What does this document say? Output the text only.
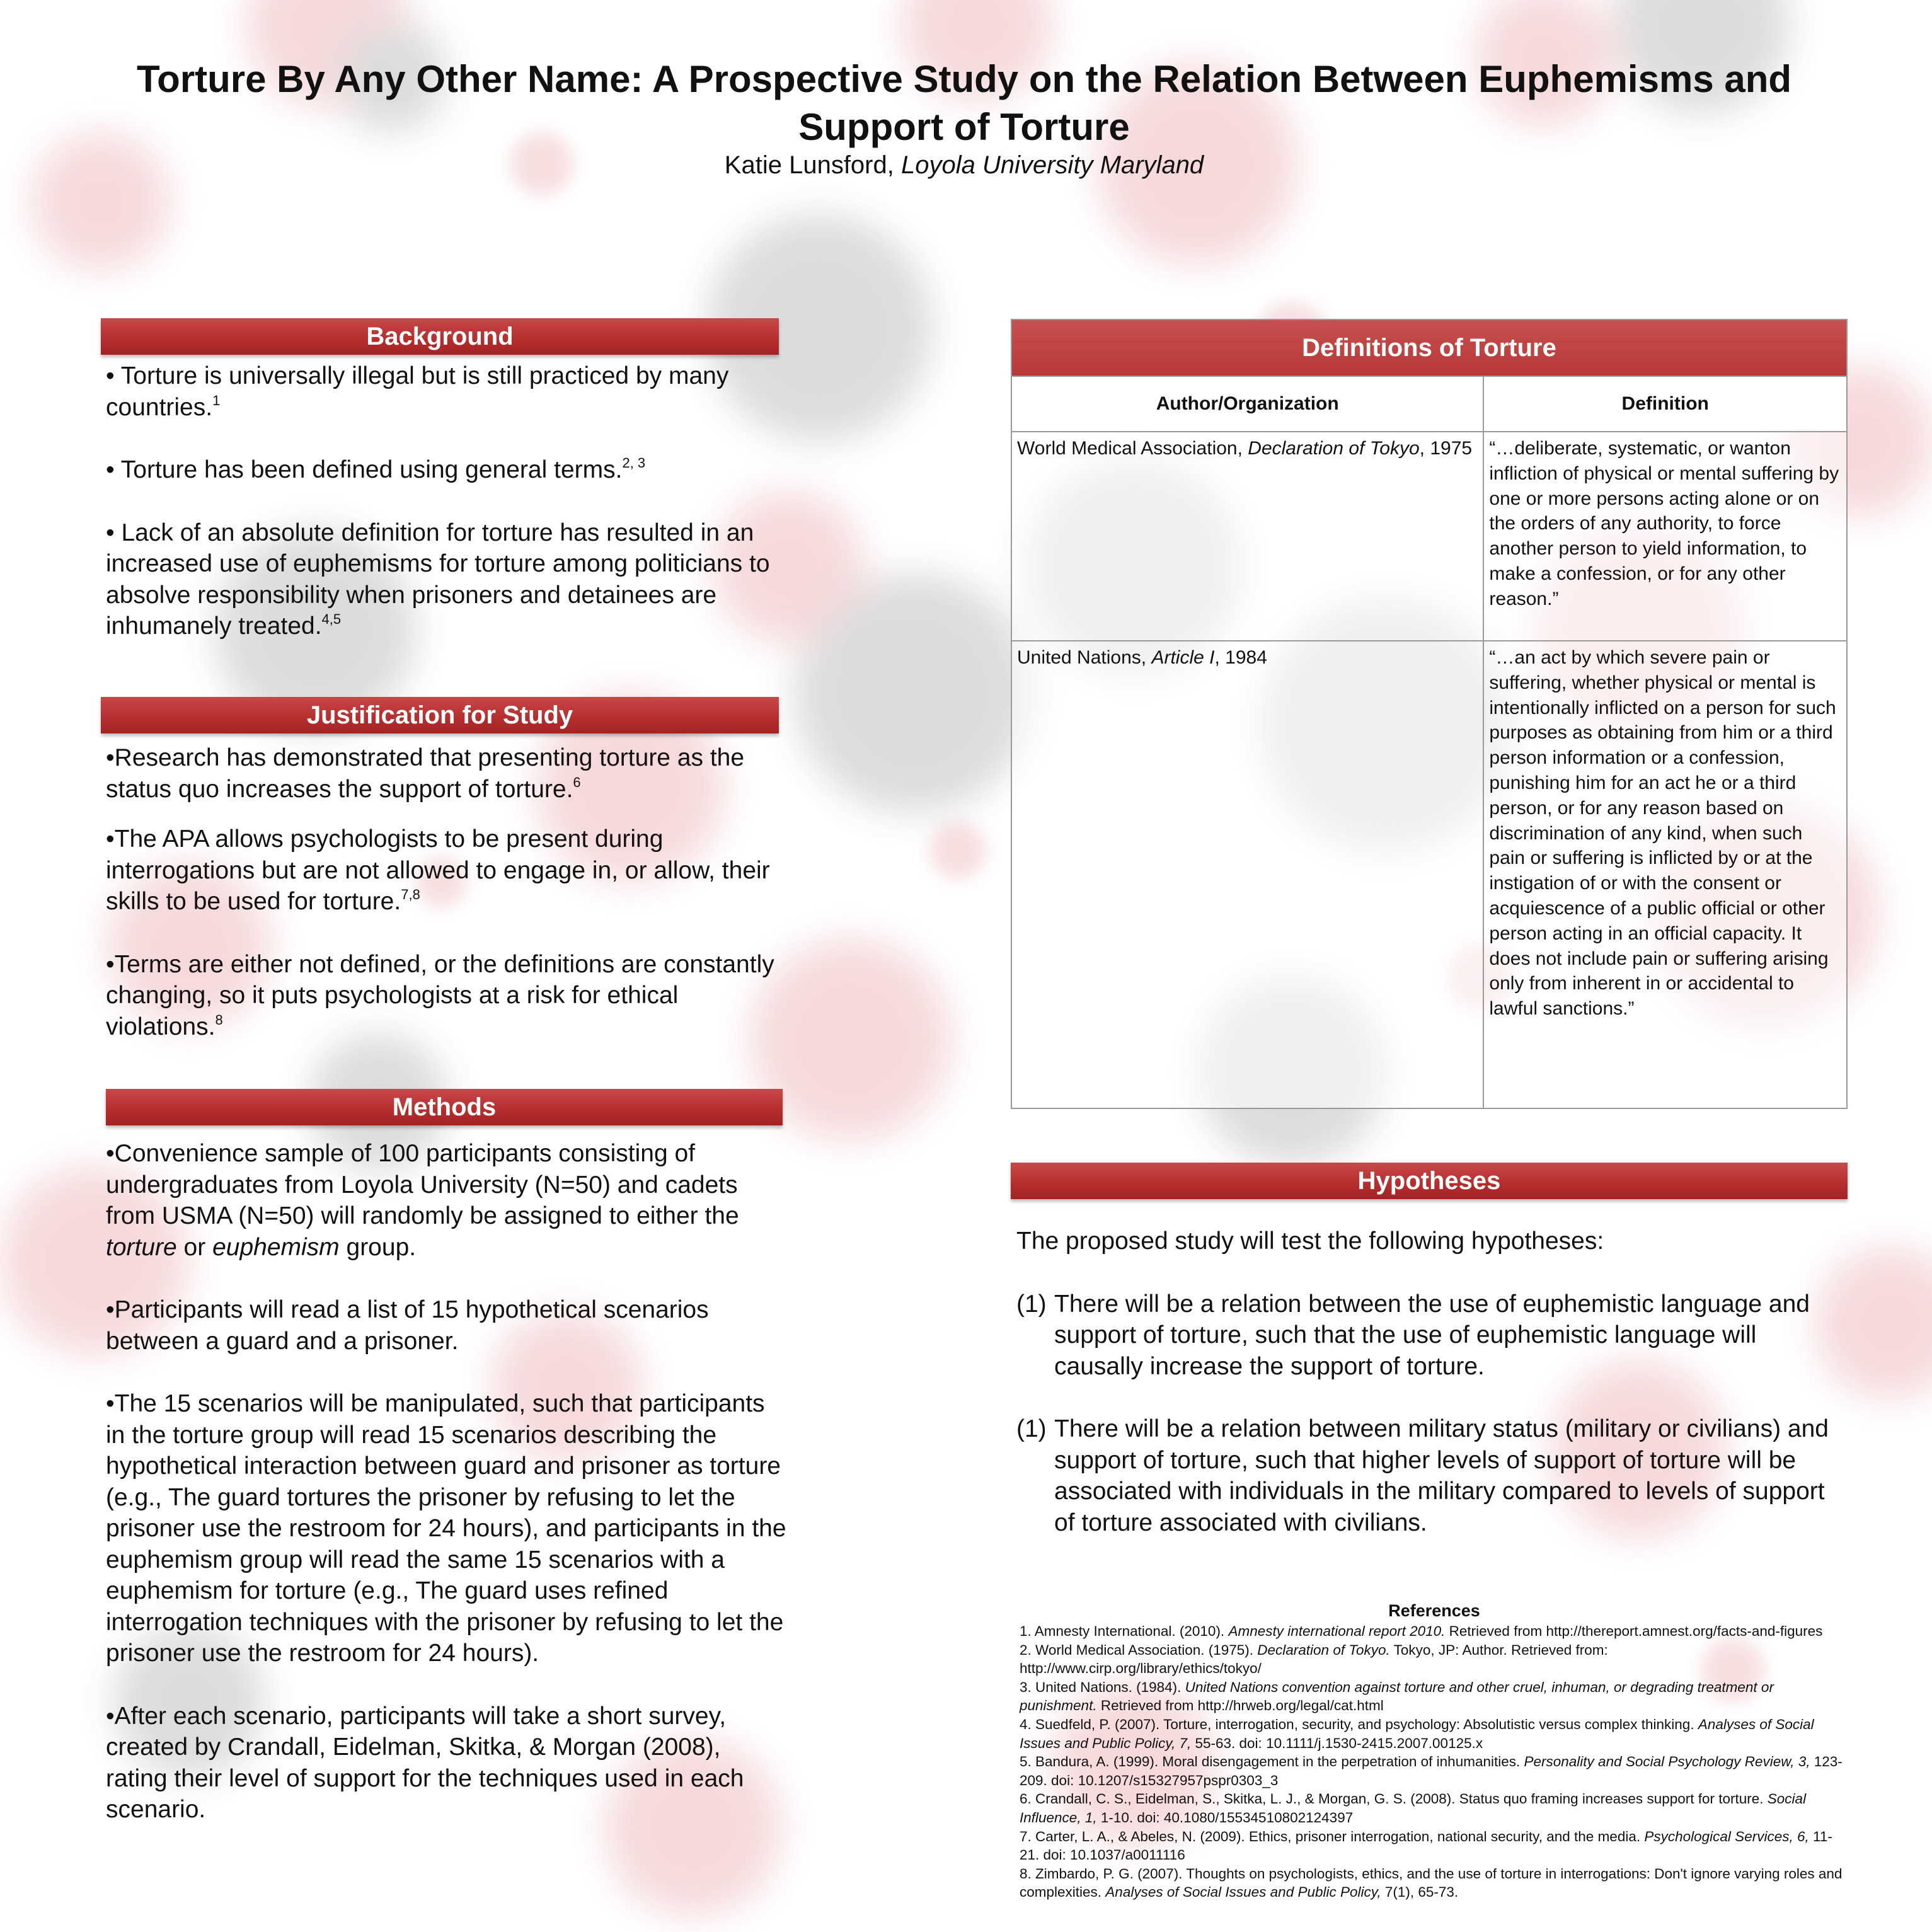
Torture By Any Other Name: A Prospective Study on the Relation Between Euphemisms and Support of Torture
Katie Lunsford, Loyola University Maryland
Background

• Torture is universally illegal but is still practiced by many countries.$^1$

• Torture has been defined using general terms.$^{2, 3}$

• Lack of an absolute definition for torture has resulted in an increased use of euphemisms for torture among politicians to absolve responsibility when prisoners and detainees are inhumanely treated.$^{4,5}$

Justification for Study

•Research has demonstrated that presenting torture as the status quo increases the support of torture.$^6$

•The APA allows psychologists to be present during interrogations but are not allowed to engage in, or allow, their skills to be used for torture.$^{7,8}$

•Terms are either not defined, or the definitions are constantly changing, so it puts psychologists at a risk for ethical violations.$^8$

Methods

•Convenience sample of 100 participants consisting of undergraduates from Loyola University (N=50) and cadets from USMA (N=50) will randomly be assigned to either the torture or euphemism group.

•Participants will read a list of 15 hypothetical scenarios between a guard and a prisoner.

•The 15 scenarios will be manipulated, such that participants in the torture group will read 15 scenarios describing the hypothetical interaction between guard and prisoner as torture (e.g., The guard tortures the prisoner by refusing to let the prisoner use the restroom for 24 hours), and participants in the euphemism group will read the same 15 scenarios with a euphemism for torture (e.g., The guard uses refined interrogation techniques with the prisoner by refusing to let the prisoner use the restroom for 24 hours).

•After each scenario, participants will take a short survey, created by Crandall, Eidelman, Skitka, & Morgan (2008), rating their level of support for the techniques used in each scenario.

Definitions of Torture	
Author/Organization	Definition
World Medical Association, Declaration of Tokyo, 1975	“…deliberate, systematic, or wanton infliction of physical or mental suffering by one or more persons acting alone or on the orders of any authority, to force another person to yield information, to make a confession, or for any other reason.”
United Nations, Article I, 1984	“…an act by which severe pain or suffering, whether physical or mental is intentionally inflicted on a person for such purposes as obtaining from him or a third person information or a confession, punishing him for an act he or a third person, or for any reason based on discrimination of any kind, when such pain or suffering is inflicted by or at the instigation of or with the consent or acquiescence of a public official or other person acting in an official capacity. It does not include pain or suffering arising only from inherent in or accidental to lawful sanctions.”
Hypotheses

The proposed study will test the following hypotheses:

(1) There will be a relation between the use of euphemistic language and support of torture, such that the use of euphemistic language will causally increase the support of torture.
(1) There will be a relation between military status (military or civilians) and support of torture, such that higher levels of support of torture will be associated with individuals in the military compared to levels of support of torture associated with civilians.
References

1. Amnesty International. (2010). Amnesty international report 2010. Retrieved from http://thereport.amnest.org/facts-and-figures

2. World Medical Association. (1975). Declaration of Tokyo. Tokyo, JP: Author. Retrieved from: http://www.cirp.org/library/ethics/tokyo/

3. United Nations. (1984). United Nations convention against torture and other cruel, inhuman, or degrading treatment or punishment. Retrieved from http://hrweb.org/legal/cat.html

4. Suedfeld, P. (2007). Torture, interrogation, security, and psychology: Absolutistic versus complex thinking. Analyses of Social Issues and Public Policy, 7, 55-63. doi: 10.1111/j.1530-2415.2007.00125.x

5. Bandura, A. (1999). Moral disengagement in the perpetration of inhumanities. Personality and Social Psychology Review, 3, 123-209. doi: 10.1207/s15327957pspr0303_3

6. Crandall, C. S., Eidelman, S., Skitka, L. J., & Morgan, G. S. (2008). Status quo framing increases support for torture. Social Influence, 1, 1-10. doi: 40.1080/15534510802124397

7. Carter, L. A., & Abeles, N. (2009). Ethics, prisoner interrogation, national security, and the media. Psychological Services, 6, 11-21. doi: 10.1037/a0011116

8. Zimbardo, P. G. (2007). Thoughts on psychologists, ethics, and the use of torture in interrogations: Don't ignore varying roles and complexities. Analyses of Social Issues and Public Policy, 7(1), 65-73.
